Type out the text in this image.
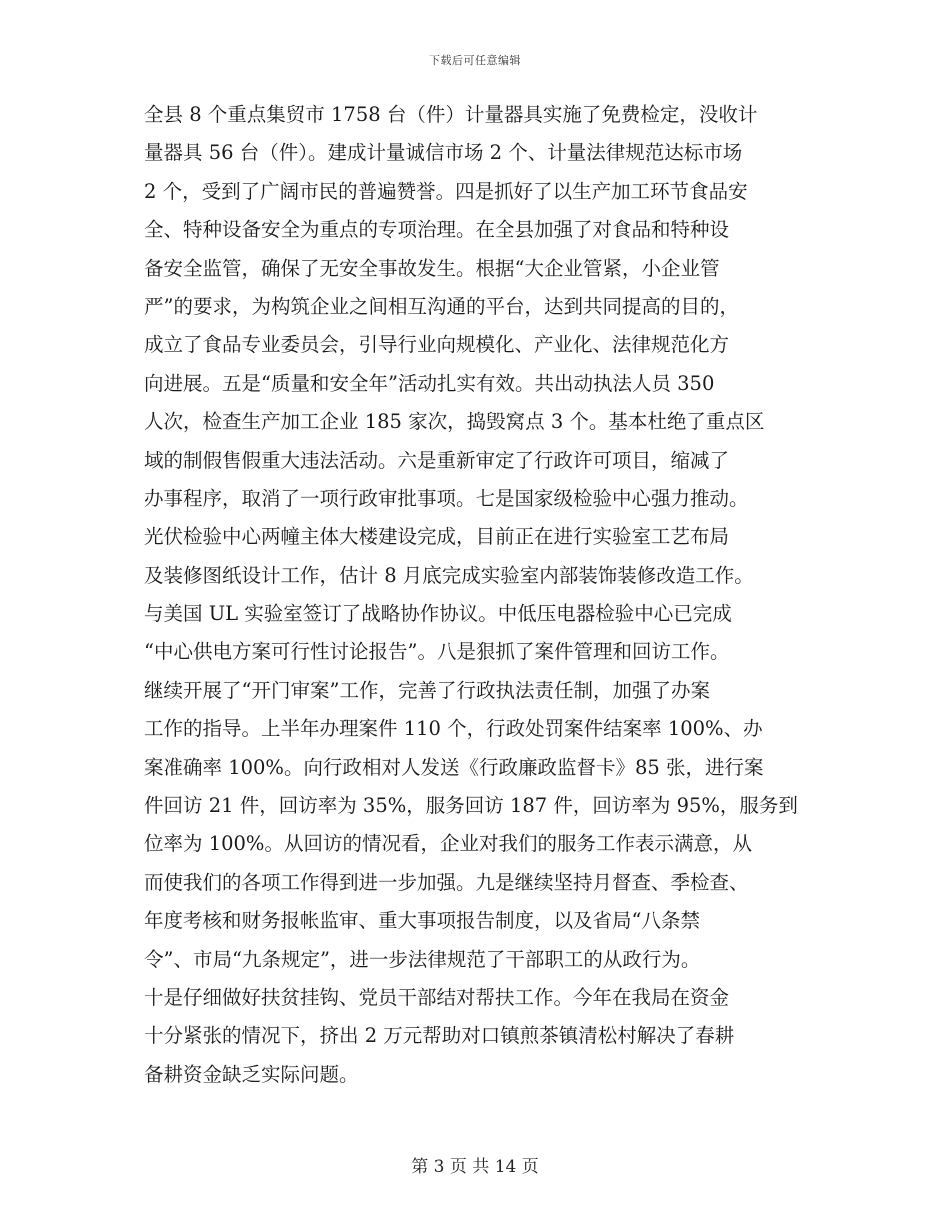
下载后可任意编辑
全县 8 个重点集贸市 1758 台（件）计量器具实施了免费检定，没收计
量器具 56 台（件）。建成计量诚信市场 2 个、计量法律规范达标市场
2 个，受到了广阔市民的普遍赞誉。四是抓好了以生产加工环节食品安
全、特种设备安全为重点的专项治理。在全县加强了对食品和特种设
备安全监管，确保了无安全事故发生。根据“大企业管紧，小企业管
严”的要求，为构筑企业之间相互沟通的平台，达到共同提高的目的，
成立了食品专业委员会，引导行业向规模化、产业化、法律规范化方
向进展。五是“质量和安全年”活动扎实有效。共出动执法人员 350
人次，检查生产加工企业 185 家次，捣毁窝点 3 个。基本杜绝了重点区
域的制假售假重大违法活动。六是重新审定了行政许可项目，缩减了
办事程序，取消了一项行政审批事项。七是国家级检验中心强力推动。
光伏检验中心两幢主体大楼建设完成，目前正在进行实验室工艺布局
及装修图纸设计工作，估计 8 月底完成实验室内部装饰装修改造工作。
与美国 UL 实验室签订了战略协作协议。中低压电器检验中心已完成
“中心供电方案可行性讨论报告”。八是狠抓了案件管理和回访工作。
继续开展了“开门审案”工作，完善了行政执法责任制，加强了办案
工作的指导。上半年办理案件 110 个，行政处罚案件结案率 100%、办
案准确率 100%。向行政相对人发送《行政廉政监督卡》85 张，进行案
件回访 21 件，回访率为 35%，服务回访 187 件，回访率为 95%，服务到
位率为 100%。从回访的情况看，企业对我们的服务工作表示满意，从
而使我们的各项工作得到进一步加强。九是继续坚持月督查、季检查、
年度考核和财务报帐监审、重大事项报告制度，以及省局“八条禁
令”、市局“九条规定”，进一步法律规范了干部职工的从政行为。
十是仔细做好扶贫挂钩、党员干部结对帮扶工作。今年在我局在资金
十分紧张的情况下，挤出 2 万元帮助对口镇煎茶镇清松村解决了春耕
备耕资金缺乏实际问题。
第 3 页 共 14 页
